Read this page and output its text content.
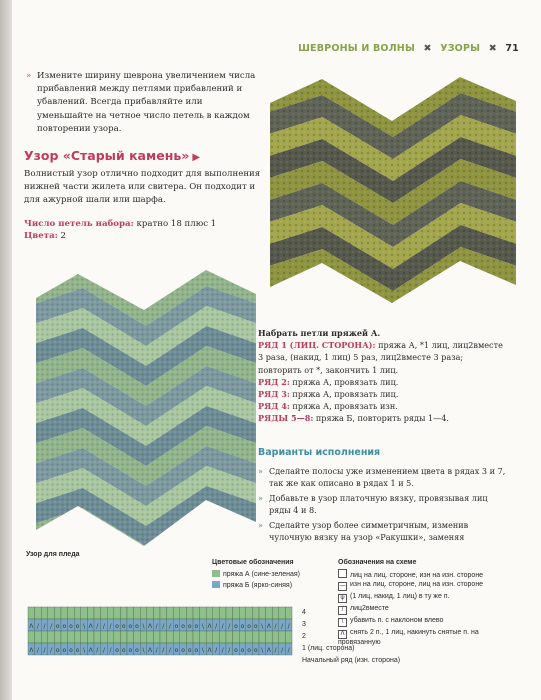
ШЕВРОНЫ И ВОЛНЫ ✖ УЗОРЫ ✖ 71
» Измените ширину шеврона увеличением числа прибавлений между петлями прибавлений и убавлений. Всегда прибавляйте или уменьшайте на четное число петель в каждом повторении узора.
Узор «Старый камень» ▶
Волнистый узор отлично подходит для выполнения нижней части жилета или свитера. Он подходит и для ажурной шали или шарфа.
Число петель набора: кратно 18 плюс 1
Цвета: 2
Набрать петли пряжей А.
РЯД 1 (ЛИЦ. СТОРОНА): пряжа А, *1 лиц, лиц2вместе 3 раза, (накид, 1 лиц) 5 раз, лиц2вместе 3 раза; повторить от *, закончить 1 лиц.
РЯД 2: пряжа А, провязать лиц.
РЯД 3: пряжа А, провязать лиц.
РЯД 4: пряжа А, провязать изн.
РЯДЫ 5—8: пряжа Б, повторить ряды 1—4.
Варианты исполнения
» Сделайте полосы уже изменением цвета в рядах 3 и 7, так же как описано в рядах 1 и 5.
» Добавьте в узор платочную вязку, провязывая лиц ряды 4 и 8.
» Сделайте узор более симметричным, изменив чулочную вязку на узор «Ракушки», заменяя
Узор для пледа
Цветовые обозначения
пряжа А (сине-зеленая)
пряжа Б (ярко-синяя)
Обозначения на схеме
лиц на лиц. стороне, изн на изн. стороне
— изн на лиц. стороне, лиц на изн. стороне
ψ (1 лиц, накид, 1 лиц) в ту же п.
/ лиц2вместе
\ убавить п. с наклоном влево
Λ снять 2 п., 1 лиц, накинуть снятые п. на провязанную
Λ / / / o o o o \ Λ / / / o o o o \ Λ / / / o o o o \ Λ / / / o o o o \ Λ / / /
Λ / / / o o o o \ Λ / / / o o o o \ Λ / / / o o o o \ Λ / / / o o o o \ Λ / / /
4
3
2
1 (лиц. сторона)
Начальный ряд (изн. сторона)
